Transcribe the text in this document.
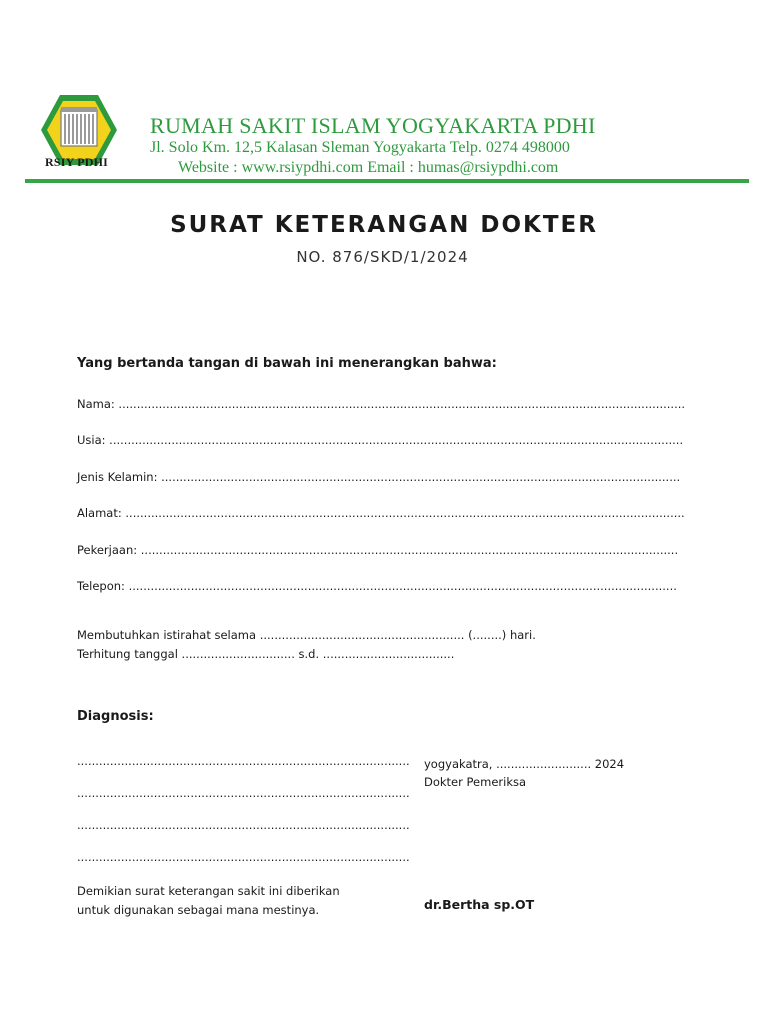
RSIY PDHI
RUMAH SAKIT ISLAM YOGYAKARTA PDHI
Jl. Solo Km. 12,5 Kalasan Sleman Yogyakarta Telp. 0274 498000
Website : www.rsiypdhi.com Email : humas@rsiypdhi.com
SURAT KETERANGAN DOKTER
NO. 876/SKD/1/2024
Yang bertanda tangan di bawah ini menerangkan bahwa:
Nama: ...........................................................................................................................................................
Usia: .............................................................................................................................................................
Jenis Kelamin: ..............................................................................................................................................
Alamat: .........................................................................................................................................................
Pekerjaan: ...................................................................................................................................................
Telepon: ......................................................................................................................................................
Membutuhkan istirahat selama ........................................................ (........) hari.
Terhitung tanggal ............................... s.d. ....................................
Diagnosis:
...........................................................................................
...........................................................................................
...........................................................................................
...........................................................................................
yogyakatra, .......................... 2024
Dokter Pemeriksa
dr.Bertha sp.OT
Demikian surat keterangan sakit ini diberikan
untuk digunakan sebagai mana mestinya.
